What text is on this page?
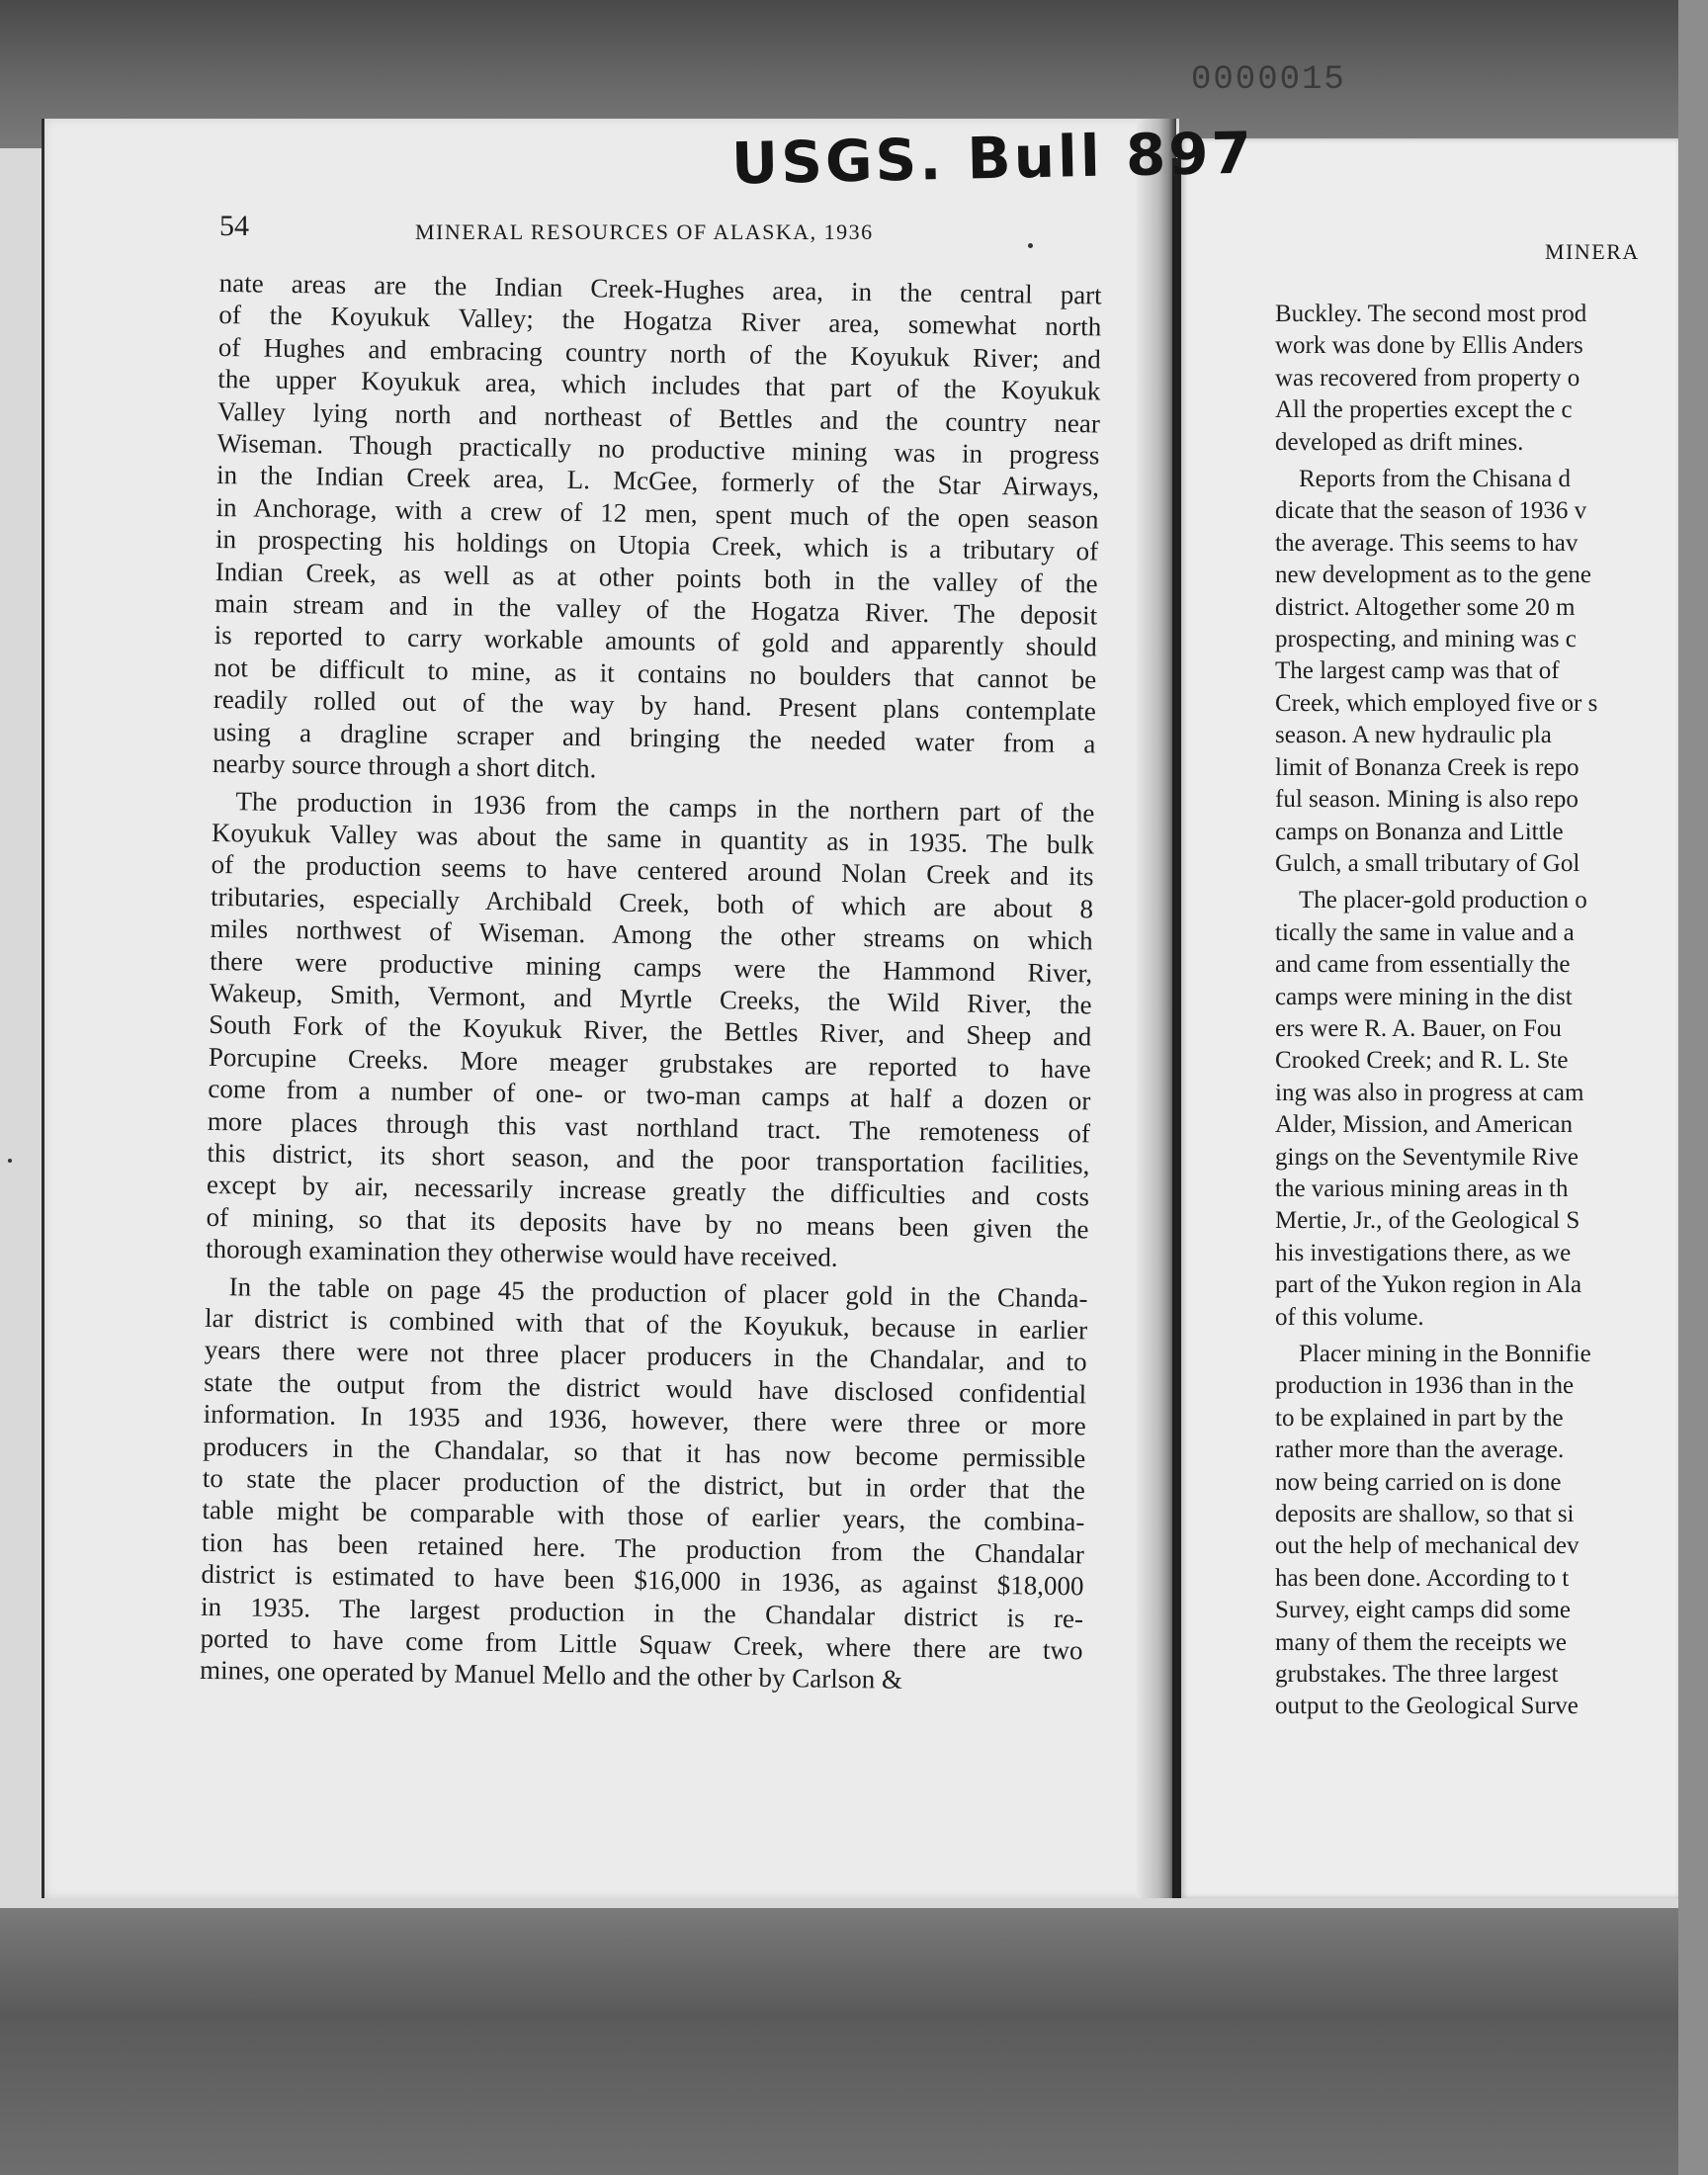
0000015
USGS. Bull 897
54	MINERAL RESOURCES OF ALASKA, 1936
MINERA
nate areas are the Indian Creek-Hughes area, in the central part
of the Koyukuk Valley; the Hogatza River area, somewhat north
of Hughes and embracing country north of the Koyukuk River; and
the upper Koyukuk area, which includes that part of the Koyukuk
Valley lying north and northeast of Bettles and the country near
Wiseman. Though practically no productive mining was in progress
in the Indian Creek area, L. McGee, formerly of the Star Airways,
in Anchorage, with a crew of 12 men, spent much of the open season
in prospecting his holdings on Utopia Creek, which is a tributary of
Indian Creek, as well as at other points both in the valley of the
main stream and in the valley of the Hogatza River. The deposit
is reported to carry workable amounts of gold and apparently should
not be difficult to mine, as it contains no boulders that cannot be
readily rolled out of the way by hand. Present plans contemplate
using a dragline scraper and bringing the needed water from a
nearby source through a short ditch.
The production in 1936 from the camps in the northern part of the
Koyukuk Valley was about the same in quantity as in 1935. The bulk
of the production seems to have centered around Nolan Creek and its
tributaries, especially Archibald Creek, both of which are about 8
miles northwest of Wiseman. Among the other streams on which
there were productive mining camps were the Hammond River,
Wakeup, Smith, Vermont, and Myrtle Creeks, the Wild River, the
South Fork of the Koyukuk River, the Bettles River, and Sheep and
Porcupine Creeks. More meager grubstakes are reported to have
come from a number of one- or two-man camps at half a dozen or
more places through this vast northland tract. The remoteness of
this district, its short season, and the poor transportation facilities,
except by air, necessarily increase greatly the difficulties and costs
of mining, so that its deposits have by no means been given the
thorough examination they otherwise would have received.
In the table on page 45 the production of placer gold in the Chanda-
lar district is combined with that of the Koyukuk, because in earlier
years there were not three placer producers in the Chandalar, and to
state the output from the district would have disclosed confidential
information. In 1935 and 1936, however, there were three or more
producers in the Chandalar, so that it has now become permissible
to state the placer production of the district, but in order that the
table might be comparable with those of earlier years, the combina-
tion has been retained here. The production from the Chandalar
district is estimated to have been $16,000 in 1936, as against $18,000
in 1935. The largest production in the Chandalar district is re-
ported to have come from Little Squaw Creek, where there are two
mines, one operated by Manuel Mello and the other by Carlson &
Buckley. The second most prod
work was done by Ellis Anders
was recovered from property o
All the properties except the c
developed as drift mines.
Reports from the Chisana d
dicate that the season of 1936 v
the average. This seems to hav
new development as to the gene
district. Altogether some 20 m
prospecting, and mining was c
The largest camp was that of
Creek, which employed five or s
season. A new hydraulic pla
limit of Bonanza Creek is repo
ful season. Mining is also repo
camps on Bonanza and Little
Gulch, a small tributary of Gol
The placer-gold production o
tically the same in value and a
and came from essentially the
camps were mining in the dist
ers were R. A. Bauer, on Fou
Crooked Creek; and R. L. Ste
ing was also in progress at cam
Alder, Mission, and American
gings on the Seventymile Rive
the various mining areas in th
Mertie, Jr., of the Geological S
his investigations there, as we
part of the Yukon region in Ala
of this volume.
Placer mining in the Bonnifie
production in 1936 than in the
to be explained in part by the
rather more than the average.
now being carried on is done
deposits are shallow, so that si
out the help of mechanical dev
has been done. According to t
Survey, eight camps did some
many of them the receipts we
grubstakes. The three largest
output to the Geological Surve
